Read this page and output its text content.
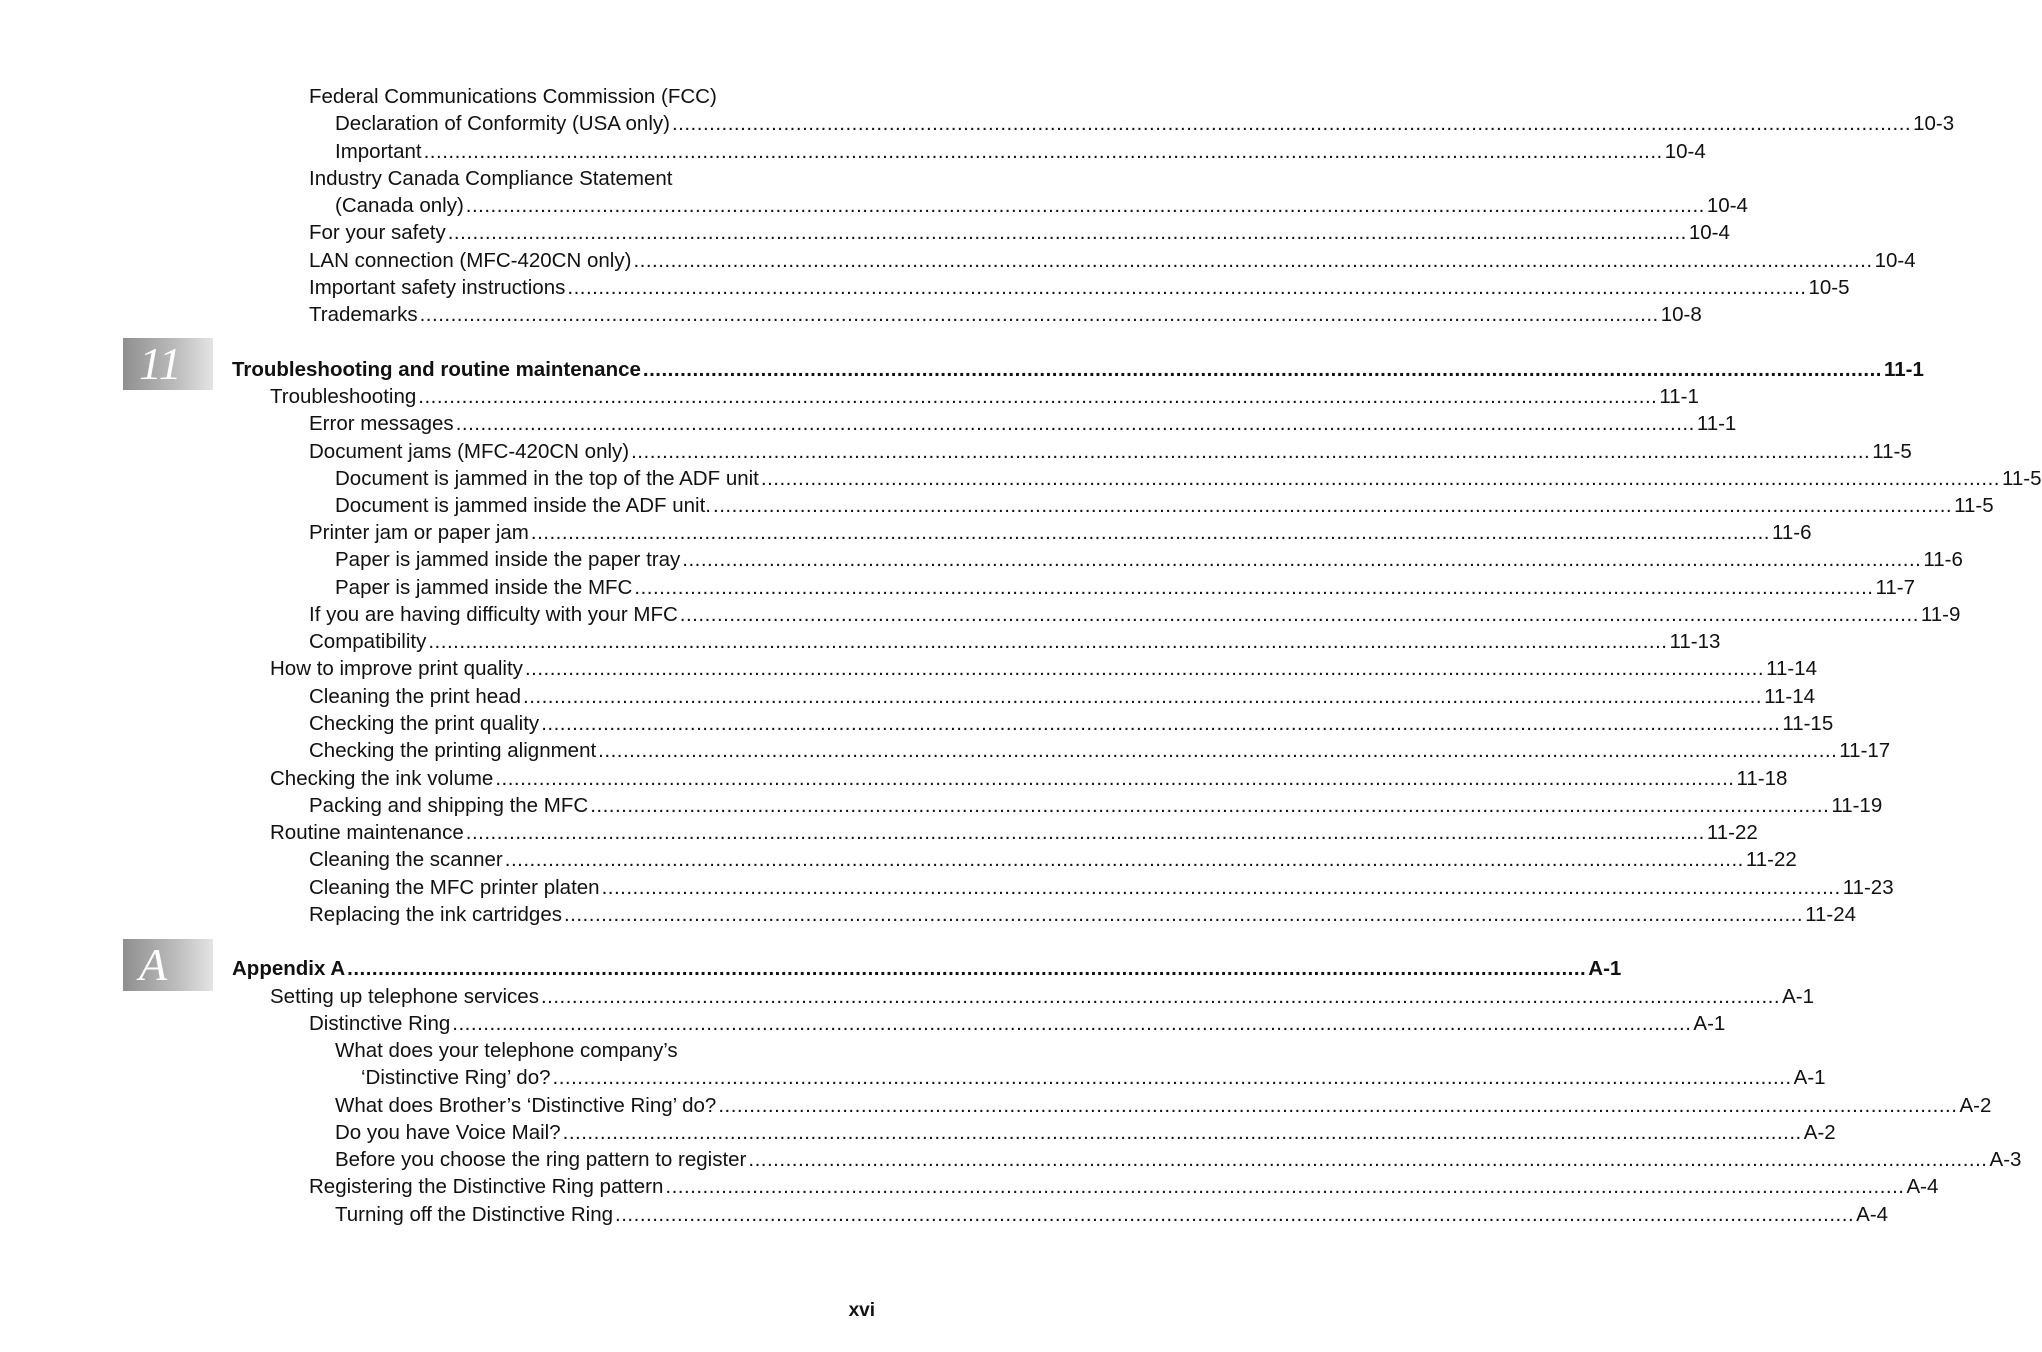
11
A
Federal Communications Commission (FCC)
Declaration of Conformity (USA only) ........................................................................................................................................................................................................ 10-3
Important ........................................................................................................................................................................................................ 10-4
Industry Canada Compliance Statement
(Canada only) ........................................................................................................................................................................................................ 10-4
For your safety ........................................................................................................................................................................................................ 10-4
LAN connection (MFC-420CN only) ........................................................................................................................................................................................................ 10-4
Important safety instructions ........................................................................................................................................................................................................ 10-5
Trademarks ........................................................................................................................................................................................................ 10-8
Troubleshooting and routine maintenance ........................................................................................................................................................................................................ 11-1
Troubleshooting ........................................................................................................................................................................................................ 11-1
Error messages ........................................................................................................................................................................................................ 11-1
Document jams (MFC-420CN only) ........................................................................................................................................................................................................ 11-5
Document is jammed in the top of the ADF unit ........................................................................................................................................................................................................ 11-5
Document is jammed inside the ADF unit. ........................................................................................................................................................................................................ 11-5
Printer jam or paper jam ........................................................................................................................................................................................................ 11-6
Paper is jammed inside the paper tray ........................................................................................................................................................................................................ 11-6
Paper is jammed inside the MFC ........................................................................................................................................................................................................ 11-7
If you are having difficulty with your MFC ........................................................................................................................................................................................................ 11-9
Compatibility ........................................................................................................................................................................................................ 11-13
How to improve print quality ........................................................................................................................................................................................................ 11-14
Cleaning the print head ........................................................................................................................................................................................................ 11-14
Checking the print quality ........................................................................................................................................................................................................ 11-15
Checking the printing alignment ........................................................................................................................................................................................................ 11-17
Checking the ink volume ........................................................................................................................................................................................................ 11-18
Packing and shipping the MFC ........................................................................................................................................................................................................ 11-19
Routine maintenance ........................................................................................................................................................................................................ 11-22
Cleaning the scanner ........................................................................................................................................................................................................ 11-22
Cleaning the MFC printer platen ........................................................................................................................................................................................................ 11-23
Replacing the ink cartridges ........................................................................................................................................................................................................ 11-24
Appendix A ........................................................................................................................................................................................................ A-1
Setting up telephone services ........................................................................................................................................................................................................ A-1
Distinctive Ring ........................................................................................................................................................................................................ A-1
What does your telephone company’s
‘Distinctive Ring’ do? ........................................................................................................................................................................................................ A-1
What does Brother’s ‘Distinctive Ring’ do? ........................................................................................................................................................................................................ A-2
Do you have Voice Mail? ........................................................................................................................................................................................................ A-2
Before you choose the ring pattern to register ........................................................................................................................................................................................................ A-3
Registering the Distinctive Ring pattern ........................................................................................................................................................................................................ A-4
Turning off the Distinctive Ring ........................................................................................................................................................................................................ A-4
xvi
